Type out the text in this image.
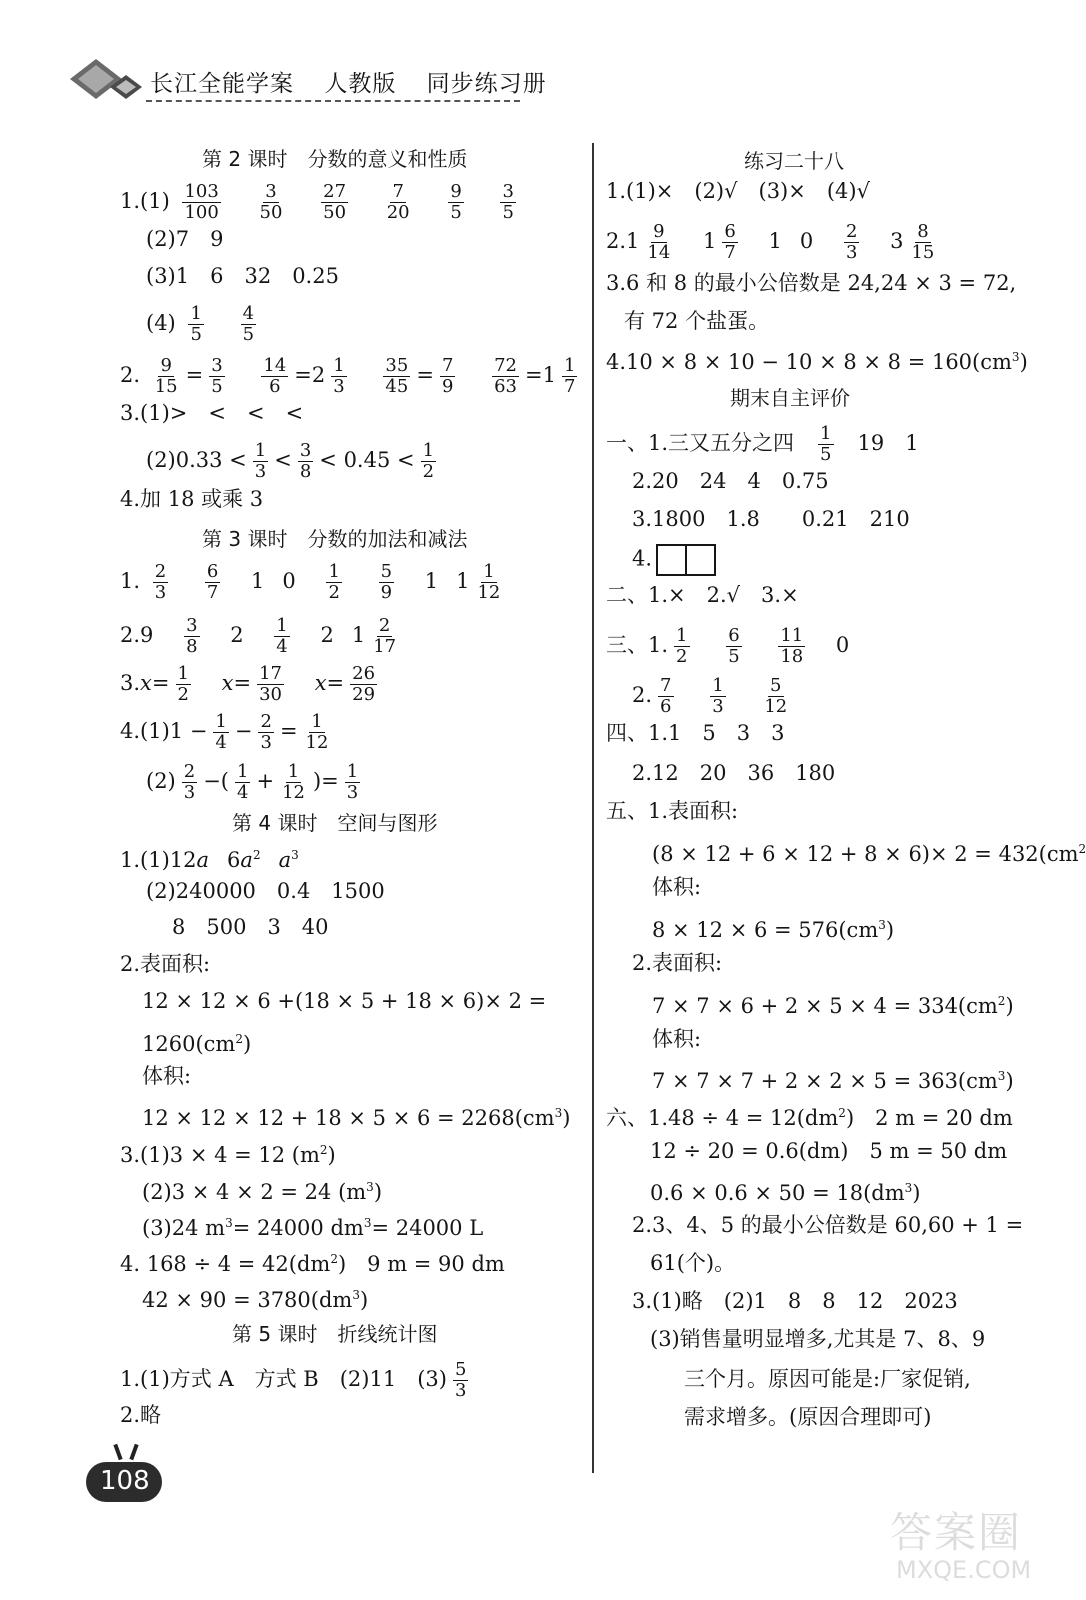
长江全能学案 人教版 同步练习册
第 2 课时　分数的意义和性质
$1.(1) \frac{103}{100}$
$\frac{3}{50}$
$\frac{27}{50}$
$\frac{7}{20}$
$\frac{9}{5}$
$\frac{3}{5}$
(2)7　9
(3)1　6　32　0.25
$(4) \frac{1}{5}$
$\frac{4}{5}$
2. $\frac{9}{15} = \frac{3}{5}$
$\frac{14}{6} =2 \frac{1}{3}$
$\frac{35}{45} = \frac{7}{9}$
$\frac{72}{63} =1 \frac{1}{7}$
3.(1)>　<　<　<
$(2)0.33 < \frac{1}{3} < \frac{3}{8} < 0.45 < \frac{1}{2}$
4.加 18 或乘 3
第 3 课时　分数的加法和减法
1. $\frac{2}{3}$
$\frac{6}{7} 1$ $0 \frac{1}{2}$
$\frac{5}{9} 1$ $1 \frac{1}{12}$
$2.9 \frac{3}{8} 2 \frac{1}{4} 2$ $1 \frac{2}{17}$
$3.x= \frac{1}{2} x= \frac{17}{30} x= \frac{26}{29}$
$4.(1)1 - \frac{1}{4} - \frac{2}{3} = \frac{1}{12}$
$(2) \frac{2}{3}$ −( $\frac{1}{4} + \frac{1}{12}$ )= $\frac{1}{3}$
第 4 课时　空间与图形
1.(1)12a $6a^2$ $a^3$
(2)240000　0.4　1500
8　500　3　40
2.表面积:
12 × 12 × 6 +(18 × 5 + 18 × 6)× 2 =
$1260(cm^2)$
体积:
$12 \times 12 \times 12 + 18 \times 5 \times 6 = 2268(cm^3)$
3.(1)3 × 4 = 12 $(m^2)$
(2)3 × 4 × 2 = 24 $(m^3)$
(3)24 $m^3= 24000$ $dm^3= 24000$ L
4. $168 \div 4 = 42(dm^2)$　9 m = 90 dm
$42 \times 90 = 3780(dm^3)$
第 5 课时　折线统计图
1.(1)方式 A　方式 B　(2)11　$(3) \frac{5}{3}$
2.略
练习二十八
1.(1)×　(2)√　(3)×　(4)√
$2.1 \frac{9}{14} 1 \frac{6}{7} 1$ $0 \frac{2}{3} 3 \frac{8}{15}$
3.6 和 8 的最小公倍数是 24,24 × 3 = 72,
有 72 个盐蛋。
$4.10 \times 8 \times 10 - 10 \times 8 \times 8 = 160(cm^3)$
期末自主评价
一、1.三又五分之四 $\frac{1}{5} 19$　1
2.20　24　4　0.75
3.1800　1.8　　0.21　210
4.
二、1.×　2.√　3.×
三、1. $\frac{1}{2}$
$\frac{6}{5}$
$\frac{11}{18} 0$
2. $\frac{7}{6}$
$\frac{1}{3}$
$\frac{5}{12}$
四、1.1　5　3　3
2.12　20　36　180
五、1.表面积:
$(8 \times 12 + 6 \times 12 + 8 \times 6)\times 2 = 432(cm^2$
体积:
$8 \times 12 \times 6 = 576(cm^3)$
2.表面积:
$7 \times 7 \times 6 + 2 \times 5 \times 4 = 334(cm^2)$
体积:
$7 \times 7 \times 7 + 2 \times 2 \times 5 = 363(cm^3)$
六、$1.48 \div 4 = 12(dm^2)$　2 m = 20 dm
12 ÷ 20 = 0.6(dm)　5 m = 50 dm
$0.6 \times 0.6 \times 50 = 18(dm^3)$
2.3、4、5 的最小公倍数是 60,60 + 1 =
61(个)。
3.(1)略　(2)1　8　8　12　2023
(3)销售量明显增多,尤其是 7、8、9
三个月。原因可能是:厂家促销,
需求增多。(原因合理即可)
108
答案圈
MXQE.COM
